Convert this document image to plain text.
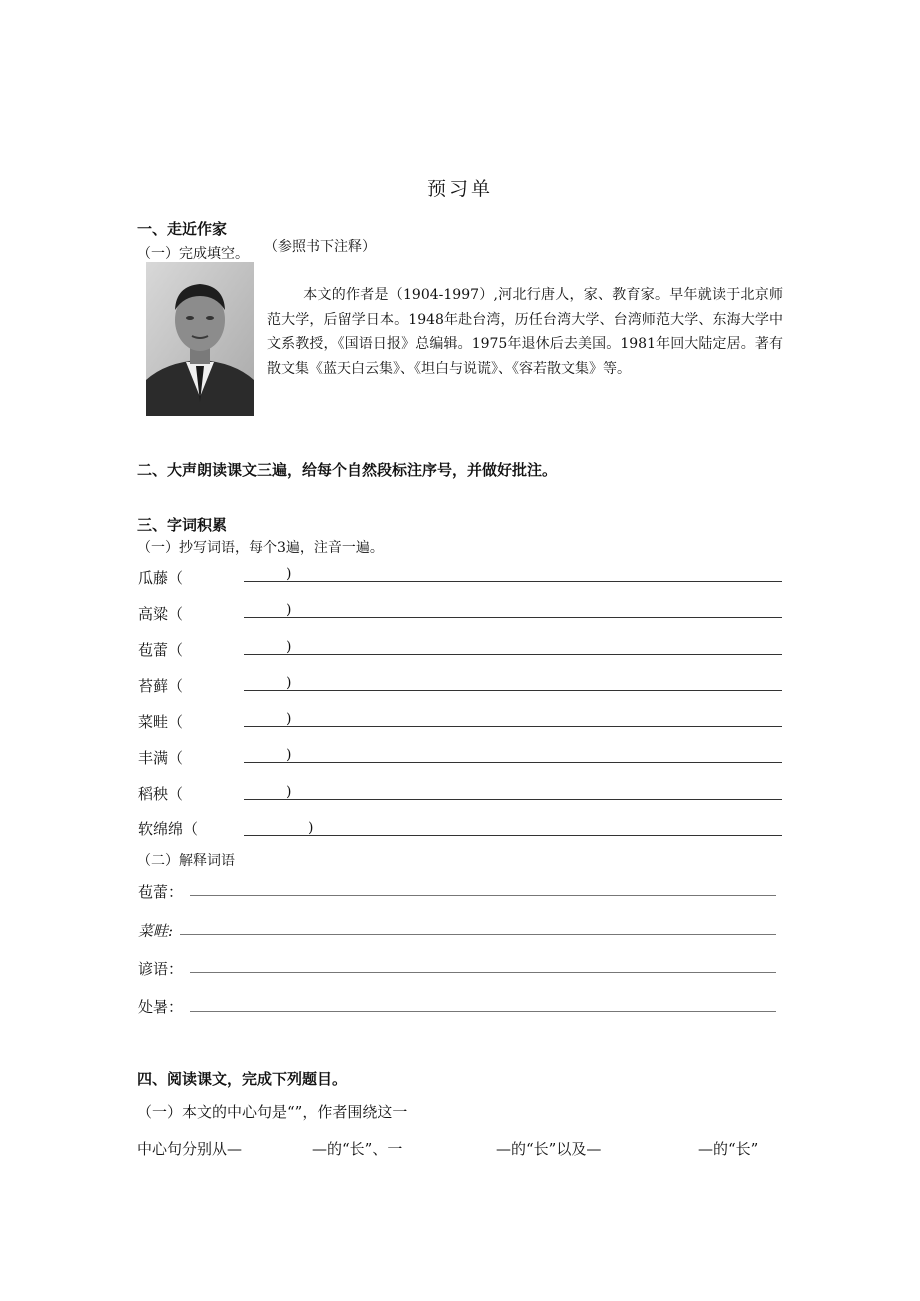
预习单
一、走近作家
（一）完成填空。 （参照书下注释）
本文的作者是（1904-1997）,河北行唐人，家、教育家。早年就读于北京师范大学，后留学日本。1948年赴台湾，历任台湾大学、台湾师范大学、东海大学中文系教授，《国语日报》总编辑。1975年退休后去美国。1981年回大陆定居。著有散文集《蓝天白云集》、《坦白与说谎》、《容若散文集》等。
二、大声朗读课文三遍，给每个自然段标注序号，并做好批注。
三、字词积累
（一）抄写词语，每个3遍，注音一遍。
瓜藤（	)
高粱（	)
苞蕾（	)
苔藓（	)
菜畦（	)
丰满（	)
稻秧（	)
软绵绵（	)
（二）解释词语
苞蕾：
菜畦:
谚语：
处暑：
四、阅读课文，完成下列题目。
（一）本文的中心句是“”，作者围绕这一
中心句分别从—	—的“长”、一	—的“长”以及—	—的“长”
